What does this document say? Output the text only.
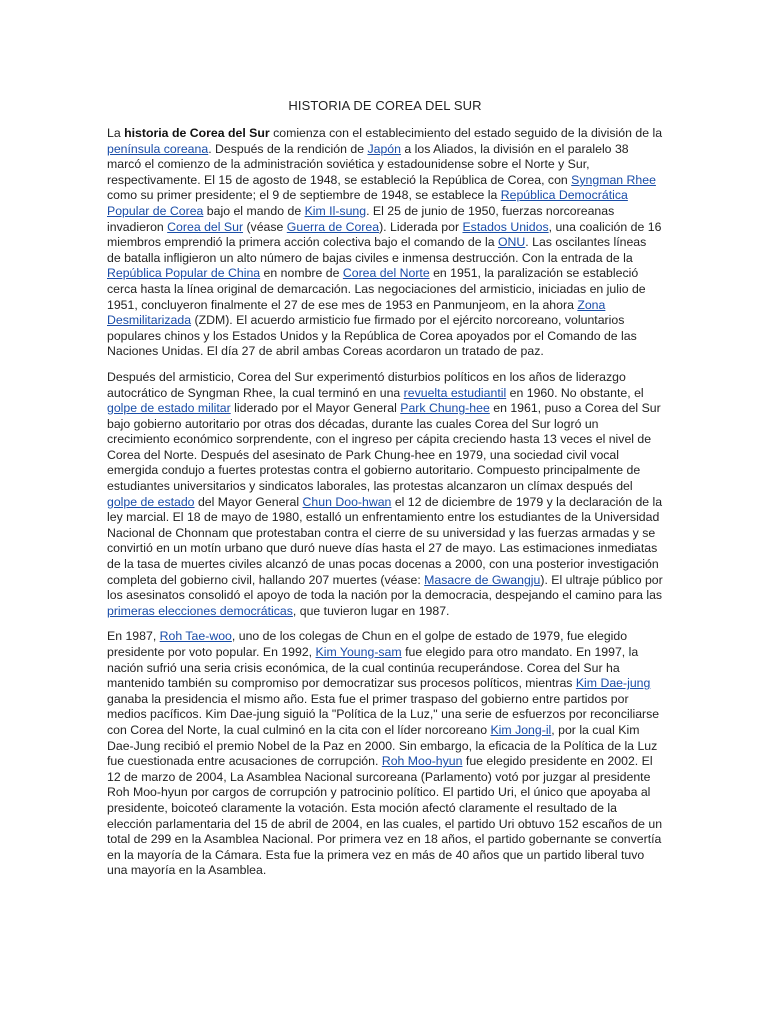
HISTORIA DE COREA DEL SUR

La historia de Corea del Sur comienza con el establecimiento del estado seguido de la división de la península coreana. Después de la rendición de Japón a los Aliados, la división en el paralelo 38 marcó el comienzo de la administración soviética y estadounidense sobre el Norte y Sur, respectivamente. El 15 de agosto de 1948, se estableció la República de Corea, con Syngman Rhee como su primer presidente; el 9 de septiembre de 1948, se establece la República Democrática Popular de Corea bajo el mando de Kim Il-sung. El 25 de junio de 1950, fuerzas norcoreanas invadieron Corea del Sur (véase Guerra de Corea). Liderada por Estados Unidos, una coalición de 16 miembros emprendió la primera acción colectiva bajo el comando de la ONU. Las oscilantes líneas de batalla infligieron un alto número de bajas civiles e inmensa destrucción. Con la entrada de la República Popular de China en nombre de Corea del Norte en 1951, la paralización se estableció cerca hasta la línea original de demarcación. Las negociaciones del armisticio, iniciadas en julio de 1951, concluyeron finalmente el 27 de ese mes de 1953 en Panmunjeom, en la ahora Zona Desmilitarizada (ZDM). El acuerdo armisticio fue firmado por el ejército norcoreano, voluntarios populares chinos y los Estados Unidos y la República de Corea apoyados por el Comando de las Naciones Unidas. El día 27 de abril ambas Coreas acordaron un tratado de paz.

Después del armisticio, Corea del Sur experimentó disturbios políticos en los años de liderazgo autocrático de Syngman Rhee, la cual terminó en una revuelta estudiantil en 1960. No obstante, el golpe de estado militar liderado por el Mayor General Park Chung-hee en 1961, puso a Corea del Sur bajo gobierno autoritario por otras dos décadas, durante las cuales Corea del Sur logró un crecimiento económico sorprendente, con el ingreso per cápita creciendo hasta 13 veces el nivel de Corea del Norte. Después del asesinato de Park Chung-hee en 1979, una sociedad civil vocal emergida condujo a fuertes protestas contra el gobierno autoritario. Compuesto principalmente de estudiantes universitarios y sindicatos laborales, las protestas alcanzaron un clímax después del golpe de estado del Mayor General Chun Doo-hwan el 12 de diciembre de 1979 y la declaración de la ley marcial. El 18 de mayo de 1980, estalló un enfrentamiento entre los estudiantes de la Universidad Nacional de Chonnam que protestaban contra el cierre de su universidad y las fuerzas armadas y se convirtió en un motín urbano que duró nueve días hasta el 27 de mayo. Las estimaciones inmediatas de la tasa de muertes civiles alcanzó de unas pocas docenas a 2000, con una posterior investigación completa del gobierno civil, hallando 207 muertes (véase: Masacre de Gwangju). El ultraje público por los asesinatos consolidó el apoyo de toda la nación por la democracia, despejando el camino para las primeras elecciones democráticas, que tuvieron lugar en 1987.

En 1987, Roh Tae-woo, uno de los colegas de Chun en el golpe de estado de 1979, fue elegido presidente por voto popular. En 1992, Kim Young-sam fue elegido para otro mandato. En 1997, la nación sufrió una seria crisis económica, de la cual continúa recuperándose. Corea del Sur ha mantenido también su compromiso por democratizar sus procesos políticos, mientras Kim Dae-jung ganaba la presidencia el mismo año. Esta fue el primer traspaso del gobierno entre partidos por medios pacíficos. Kim Dae-jung siguió la "Política de la Luz," una serie de esfuerzos por reconciliarse con Corea del Norte, la cual culminó en la cita con el líder norcoreano Kim Jong-il, por la cual Kim Dae-Jung recibió el premio Nobel de la Paz en 2000. Sin embargo, la eficacia de la Política de la Luz fue cuestionada entre acusaciones de corrupción. Roh Moo-hyun fue elegido presidente en 2002. El 12 de marzo de 2004, La Asamblea Nacional surcoreana (Parlamento) votó por juzgar al presidente Roh Moo-hyun por cargos de corrupción y patrocinio político. El partido Uri, el único que apoyaba al presidente, boicoteó claramente la votación. Esta moción afectó claramente el resultado de la elección parlamentaria del 15 de abril de 2004, en las cuales, el partido Uri obtuvo 152 escaños de un total de 299 en la Asamblea Nacional. Por primera vez en 18 años, el partido gobernante se convertía en la mayoría de la Cámara. Esta fue la primera vez en más de 40 años que un partido liberal tuvo una mayoría en la Asamblea.
